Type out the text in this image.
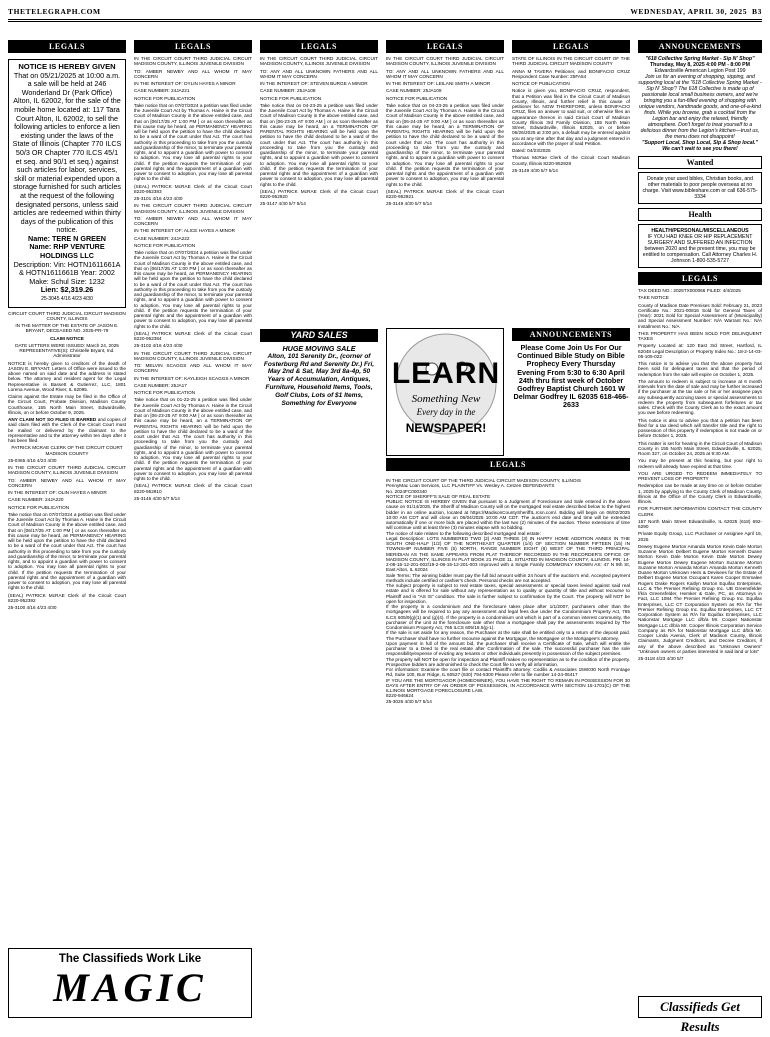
THETELEGRAPH.COM	WEDNESDAY, APRIL 30, 2025 B3
LEGALS	LEGALS	LEGALS	LEGALS	LEGALS	ANNOUNCEMENTS
NOTICE IS HEREBY GIVEN
That on 05/21/2025 at 10:00 a.m. a sale will be held at 246 Wonderland Dr (Park Office) Alton, IL 62002, for the sale of the mobile home located at: 117 Tara Court Alton, IL 62002, to sell the following articles to enforce a lien existing under the laws of the State of Illinois (Chapter 770 ILCS 50/3 OR Chapter 770 ILCS 45/1 et seq. and 90/1 et seq.) against such articles for labor, services, skill or material expended upon a storage furnished for such articles at the request of the following designated persons, unless said articles are redeemed within thirty days of the publication of this notice.
Name: TERE N GREEN
Name: RHP VENTURE HOLDINGS LLC
Description: Vin: HOTN1611661A & HOTN1611661B Year: 2002 Make: Schul Size: 1232
Lien: $2,319.26
25-3045 4/16 4/23 4/30

CIRCUIT COURT THIRD JUDICIAL CIRCUIT MADISON COUNTY, ILLINOIS

IN THE MATTER OF THE ESTATE OF JASON E. BRYANT, DECEASED NO. 2025-PR-79

CLAIM NOTICE

DATE LETTERS WERE ISSUED: March 24, 2025 REPRESENTATIVE(S): Christelle Bryant, Ind. Administrator

NOTICE is hereby given to creditors of the death of JASON E. BRYANT. Letters of Office were issued to the above named on said date and the address is stated below. The attorney and resident agent for the Legal Representative is Bassett & Gutierrez, LLC, 1801 Lorena Avenue, Wood River, IL 62095.

Claims against the Estate may be filed in the Office of the Circuit Court, Probate Division, Madison County Courthouse, 155 North Main Street, Edwardsville, Illinois, on or before October 9, 2025.

ANY CLAIM NOT SO FILED IS BARRED and copies of said claim filed with the Clerk of the Circuit Court must be mailed or delivered by the claimant to the representative and to the attorney within ten days after it has been filed.

PATRICK MCRAE CLERK OF THE CIRCUIT COURT MADISON COUNTY

25-0365 4/16 4/23 4/30

IN THE CIRCUIT COURT THIRD JUDICIAL CIRCUIT MADISON COUNTY, ILLINOIS JUVENILE DIVISION

TO: AMBER NEWBY AND ALL WHOM IT MAY CONCERN

IN THE INTEREST OF: OLIN HAYES A MINOR

CASE NUMBER: 24JA220

NOTICE FOR PUBLICATION

Take notice that on 07/07/2024 a petition was filed under the Juvenile Court Act by Thomas A. Haine in the Circuit Court of Madison County in the above entitled case, and that on [06/17/25 AT 1:00 PM ] or as soon thereafter as this cause may be heard, an PERMANENCY HEARING will be held upon the petition to have the child declared to be a ward of the court under that Act. The court has authority in this proceeding to take from you the custody and guardianship of the minor, to terminate your parental rights, and to appoint a guardian with power to consent to adoption. You may lose all parental rights to your child. If the petition requests the termination of your parental rights and the appointment of a guardian with power to consent to adoption, you may lose all parental rights to the child.

(SEAL) PATRICK McRAE Clerk of the Circuit Court 8220-952392

25-3100 4/16 4/23 4/30

IN THE CIRCUIT COURT THIRD JUDICIAL CIRCUIT MADISON COUNTY, ILLINOIS JUVENILE DIVISION

TO: AMBER NEWBY AND ALL WHOM IT MAY CONCERN

IN THE INTEREST OF: DYLIN HAYES A MINOR

CASE NUMBER: 24JA221

NOTICE FOR PUBLICATION

Take notice that on 07/07/2024 a petition was filed under the Juvenile Court Act by Thomas A. Haine in the Circuit Court of Madison County in the above entitled case, and that on [06/17/25 AT 1:00 PM ] or as soon thereafter as this cause may be heard, an PERMANENCY HEARING will be held upon the petition to have the child declared to be a ward of the court under that Act. The court has authority in this proceeding to take from you the custody and guardianship of the minor, to terminate your parental rights, and to appoint a guardian with power to consent to adoption. You may lose all parental rights to your child. If the petition requests the termination of your parental rights and the appointment of a guardian with power to consent to adoption, you may lose all parental rights to the child.

(SEAL) PATRICK McRAE Clerk of the Circuit Court 8220-952383

25-3101 4/16 4/23 4/30

IN THE CIRCUIT COURT THIRD JUDICIAL CIRCUIT MADISON COUNTY, ILLINOIS JUVENILE DIVISION

TO: AMBER NEWBY AND ALL WHOM IT MAY CONCERN

IN THE INTEREST OF: ALICE HAYES A MINOR

CASE NUMBER: 24JA222

NOTICE FOR PUBLICATION

Take notice that on 07/07/2024 a petition was filed under the Juvenile Court Act by Thomas A. Haine in the Circuit Court of Madison County in the above entitled case, and that on [06/17/25 AT 1:00 PM ] or as soon thereafter as this cause may be heard, an PERMANENCY HEARING will be held upon the petition to have the child declared to be a ward of the court under that Act. The court has authority in this proceeding to take from you the custody and guardianship of the minor, to terminate your parental rights, and to appoint a guardian with power to consent to adoption. You may lose all parental rights to your child. If the petition requests the termination of your parental rights and the appointment of a guardian with power to consent to adoption, you may lose all parental rights to the child.

(SEAL) PATRICK McRAE Clerk of the Circuit Court 8220-952384

25-3102 4/16 4/23 4/30

IN THE CIRCUIT COURT THIRD JUDICIAL CIRCUIT MADISON COUNTY, ILLINOIS JUVENILE DIVISION

TO: MELVIN SCAGGS AND ALL WHOM IT MAY CONCERN

IN THE INTEREST OF: KAYLEIGH SCAGGS A MINOR

CASE NUMBER: 25JA17

NOTICE FOR PUBLICATION

Take notice that on 01-22-25 a petition was filed under the Juvenile Court Act by Thomas A. Haine in the Circuit Court of Madison County in the above entitled case, and that on [06-23-25 AT 9:00 AM ] or as soon thereafter as this cause may be heard, an a TERMINATION OF PARENTAL RIGHTS HEARING will be held upon the petition to have the child declared to be a ward of the court under that Act. The court has authority in this proceeding to take from you the custody and guardianship of the minor, to terminate your parental rights, and to appoint a guardian with power to consent to adoption. You may lose all parental rights to your child. If the petition requests the termination of your parental rights and the appointment of a guardian with power to consent to adoption, you may lose all parental rights to the child.

(SEAL) PATRICK McRAE Clerk of the Circuit Court 8220-952910

25-3146 4/30 5/7 5/14

IN THE CIRCUIT COURT THIRD JUDICIAL CIRCUIT MADISON COUNTY, ILLINOIS JUVENILE DIVISION

TO: ANY AND ALL UNKNOWN FATHERS AND ALL WHOM IT MAY CONCERN

IN THE INTEREST OF: STEVEN BURGE A MINOR

CASE NUMBER: 25JA108

NOTICE FOR PUBLICATION

Take notice that on 04-23-25 a petition was filed under the Juvenile Court Act by Thomas A. Haine in the Circuit Court of Madison County in the above entitled case, and that on [06-23-25 AT 9:00 AM ] or as soon thereafter as this cause may be heard, an a TERMINATION OF PARENTAL RIGHTS HEARING will be held upon the petition to have the child declared to be a ward of the court under that Act. The court has authority in this proceeding to take from you the custody and guardianship of the minor, to terminate your parental rights, and to appoint a guardian with power to consent to adoption. You may lose all parental rights to your child. If the petition requests the termination of your parental rights and the appointment of a guardian with power to consent to adoption, you may lose all parental rights to the child.

(SEAL) PATRICK McRAE Clerk of the Circuit Court 8220-952920

25-3147 4/30 5/7 5/14

YARD SALES
HUGE MOVING SALE
Alton, 101 Serenity Dr., (corner of Fosterburg Rd and Serenity Dr.) Fri, May 2nd & Sat, May 3rd 8a-4p, 50 Years of Accumulation, Antiques, Furniture, Household Items, Tools, Golf Clubs, Lots of $1 Items, Something for Everyone

IN THE CIRCUIT COURT THIRD JUDICIAL CIRCUIT MADISON COUNTY, ILLINOIS JUVENILE DIVISION

TO: ANY AND ALL UNKNOWN FATHERS AND ALL WHOM IT MAY CONCERN

IN THE INTEREST OF: LEILANI SMITH A MINOR

CASE NUMBER: 25JA109

NOTICE FOR PUBLICATION

Take notice that on 04-23-25 a petition was filed under the Juvenile Court Act by Thomas A. Haine in the Circuit Court of Madison County in the above entitled case, and that on [06-24-25 AT 9:00 AM ] or as soon thereafter as this cause may be heard, an a TERMINATION OF PARENTAL RIGHTS HEARING will be held upon the petition to have the child declared to be a ward of the court under that Act. The court has authority in this proceeding to take from you the custody and guardianship of the minor, to terminate your parental rights, and to appoint a guardian with power to consent to adoption. You may lose all parental rights to your child. If the petition requests the termination of your parental rights and the appointment of a guardian with power to consent to adoption, you may lose all parental rights to the child.

(SEAL) PATRICK McRAE Clerk of the Circuit Court 8220-952921

25-3149 4/30 5/7 5/14

LEARN
Something New
Every day in the
NEWSPAPER!

STATE OF ILLINOIS IN THE CIRCUIT COURT OF THE THIRD JUDICIAL CIRCUIT MADISON COUNTY

ANNA M TAVERA Petitioner, and BONIFACIO CRUZ Respondent Case Number: 25FA54

NOTICE OF PUBLICATION

Notice is given you, BONIFACIO CRUZ, respondent, that a Petition was filed in the Circuit Court of Madison County, Illinois, and further relief in this cause of petitioner for. NOW THEREFORE, unless BONIFACIO CRUZ, files an answer to said suit, or otherwise files an appearance thereon in said Circuit Court of Madison County Illinois 3rd Family Division, 155 North Main Street, Edwardsville, Illinois 62025, on or before 06/26/2025 at 3:00 pm, a default may be entered against you at any time after that day and a judgment entered in accordance with the prayer of said Petition.

Dated: 04/23/2025

Thomas McRae Clerk of the Circuit Court Madison County, Illinois 8220-952928

25-3149 4/30 5/7 5/14

ANNOUNCEMENTS
Please Come Join Us For Our Continued Bible Study on Bible Prophecy Every Thursday Evening From 5:30 to 6:30 April 24th thru first week of October Godfrey Baptist Church 1601 W Delmar Godfrey IL 62035 618-466-2633
LEGALS

IN THE CIRCUIT COURT OF THE THIRD JUDICIAL CIRCUIT MADISON COUNTY, ILLINOIS

PennyMac Loan Services, LLC PLAINTIFF Vs. Wesley A. Cetzen DEFENDANTS

No. 2024FC000340

NOTICE OF SHERIFF'S SALE OF REAL ESTATE

PUBLIC NOTICE IS HEREBY GIVEN that pursuant to a Judgment of Foreclosure and Sale entered in the above cause on 01/14/2025, the Sheriff of Madison County will on the mortgaged real estate described below to the highest bidder in an online auction, located at https://MadisonCountySheriffIL.rcsn.com/. Bidding will begin on 06/02/2025 10:00 AM CDT and will close on 06/04/2025 10:00 AM CDT. The auction's end date and time will be extended automatically if one or more bids are placed within the last two (2) minutes of the auction. These extensions of time will continue until at least three (3) minutes elapse with no bidding.

The notice of sale relates to the following described mortgaged real estate:

Legal Description: LOTS NUMBERED TWO (2) AND THREE (3) IN HAPPY HOME ADDITION ANNEX IN THE SOUTH ONE-HALF (1/2) OF THE NORTHEAST QUARTER (1/4) OF SECTION NUMBER FIFTEEN (15) IN TOWNSHIP NUMBER FIVE (5) NORTH, RANGE NUMBER EIGHT (8) WEST OF THE THIRD PRINCIPAL MERIDIAN AS THE SAME APPEARS FROM PLAT THEREOF RECORDED IN THE RECORDER'S OFFICE OF MADISON COUNTY, ILLINOIS IN PLAT BOOK 21 PAGE 11. SITUATED IN MADISON COUNTY, ILLINOIS. PIN: 14-2-08-15-12-201-002/19-2-08-15-12-201-003 Improved with a Single Family COMMONLY KNOWN AS: 47 N 9th St, East Alton, IL 62024

Sale Terms: The winning bidder must pay the full bid amount within 24 hours of the auction's end. Accepted payment methods include certified or cashier's check. Personal checks are not accepted.

The subject property is subject to real estate taxes, special assessments or special taxes levied against said real estate and is offered for sale without any representation as to quality or quantity of title and without recourse to Plaintiff and in "AS IS" condition. The sale is further subject to confirmation by the Court. The property will NOT be open for inspection.

If the property is a condominium and the foreclosure takes place after 1/1/2007, purchasers other than the mortgagees will be required to pay any assessment and legal fees due under the Condominium Property Act, 765 ILCS 605/9(g)(1) and (g)(4). If the property is a condominium unit which is part of a common interest community, the purchaser of the unit at the foreclosure sale other than a mortgagee shall pay the assessments required by The Condominium Property Act, 765 ILCS 605/18.5(g-1).

If the sale is set aside for any reason, the Purchaser at the sale shall be entitled only to a return of the deposit paid. The Purchaser shall have no further recourse against the Mortgagor, the Mortgagee or the Mortgagee's attorney.

Upon payment in full of the amount bid, the purchaser shall receive a Certificate of Sale, which will entitle the purchaser to a Deed to the real estate after Confirmation of the sale. The successful purchaser has the sole responsibility/expense of evicting any tenants or other individuals presently in possession of the subject premises.

The property will NOT be open for inspection and Plaintiff makes no representation as to the condition of the property. Prospective bidders are admonished to check the Court file to verify all information.

For information: Examine the court file or contact Plaintiff's attorney: Codilis & Associates 15W030 North Frontage Rd, Suite 100, Burr Ridge, IL 60527 (630) 794-5300 Please refer to file number 14-24-06417

IF YOU ARE THE MORTGAGOR (HOMEOWNER), YOU HAVE THE RIGHT TO REMAIN IN POSSESSION FOR 30 DAYS AFTER ENTRY OF AN ORDER OF POSSESSION, IN ACCORDANCE WITH SECTION 15-1701(C) OF THE ILLINOIS MORTGAGE FORECLOSURE LAW.

8220-946624

25-3026 4/30 5/7 5/14

"618 Collective Spring Market - Sip N' Shop"
Thursday, May 8, 2025 4:00 PM - 8:00 PM
Edwardsville American Legion Post 199
Join us for an evening of shopping, sipping, and supporting local at the "618 Collective Spring Market - Sip N' Shop"! The 618 Collective is made up of passionate local small business owners, and we're bringing you a fun-filled evening of shopping with unique vendors, handmade goods, and one-of-a-kind finds. While you browse, grab a cocktail from the Legion bar and enjoy the relaxed, friendly atmosphere. Don't forget to treat yourself to a delicious dinner from the Legion's kitchen—trust us, the menu does not disappoint!
"Support Local, Shop Local, Sip & Shop local." We can't wait to see you there!
Wanted
Donate your used bibles, Christian books, and other materials to poor people overseas at no charge. Visit www.bibleshare.com or call 636-575-3334
Health
HEALTH/PERSONAL/MISCELLANEOUS
IF YOU HAD KNEE OR HIP REPLACEMENT SURGERY AND SUFFERED AN INFECTION between 2020 and the present time, you may be entitled to compensation. Call Attorney Charles H. Johnson 1-800-535-5727
LEGALS

TAX DEED NO.: 2025TX000066 FILED: 4/4/2025

TAKE NOTICE

County of Madison Date Premises Sold: February 21, 2023 Certificate No.: 2021-00816 Sold for General Taxes of (Year): 2021 Sold for Special Assessment of (Municipality) and Special Assessment Number: N/A Warrant No.: N/A Installment No.: N/A

THIS PROPERTY HAS BEEN SOLD FOR DELINQUENT TAXES

Property Located at: 120 East 3rd Street, Hartford, IL 62048 Legal Description or Property Index No.: 18-2-14-03-05-105-022

This notice is to advise you that the above property has been sold for delinquent taxes and that the period of redemption from the sale will expire on October 1, 2025.

The amount to redeem is subject to increase at 6 month intervals from the date of sale and may be further increased if the purchaser at the tax sale or his or her assignee pays any subsequently accruing taxes or special assessments to redeem the property from subsequent forfeitures or tax sales. Check with the County Clerk as to the exact amount you owe before redeeming.

This notice is also to advise you that a petition has been filed for a tax deed which will transfer title and the right to possession of this property if redemption is not made on or before October 1, 2025.

This matter is set for hearing in the Circuit Court of Madison County in 155 North Main Street, Edwardsville, IL 62025, Room 327, on October 24, 2025 at 9:30 AM.

You may be present at this hearing, but your right to redeem will already have expired at that time.

YOU ARE URGED TO REDEEM IMMEDIATELY TO PREVENT LOSS OF PROPERTY

Redemption can be made at any time on or before October 1, 2025 by applying to the County Clerk of Madison County, Illinois at the Office of the County Clerk in Edwardsville, Illinois.

FOR FURTHER INFORMATION CONTACT THE COUNTY CLERK

157 North Main Street Edwardsville, IL 62025 (618) 692-6290

Private Equity Group, LLC Purchaser or Assignee April 15, 2025

Dewey Eugene Morton Amanda Morton Kevin Dale Morton Suzanne Morton Delbert Eugene Morton Kenneth Duane Morton Kevin Dale Morton Kevin Dale Morton Dewey Eugene Morton Dewey Eugene Morton Suzanne Morton Suzanne Morton Amanda Morton Amanda Morton Kenneth Duane Morton Unknown Heirs & Devisees for the Estate of Delbert Eugene Morton Occupant Karen Cooper Emmalee Rogers Drake Rogers Kaitlyn Morton Equifax Enterprises, LLC & The Premier Refining Group Inc. UB Greensfelder f/k/a Greensfelder, Hemker & Gale, PC, as Attorneys in Fact, LLC 1084 The Premier Refining Group Inc. Equifax Enterprises, LLC CT Corporation System as R/A for The Premier Refining Group Inc. Equifax Enterprises, LLC CT Corporation System as R/A for Equifax Enterprises, LLC Nationstar Mortgage LLC d/b/a Mr. Cooper Nationstar Mortgage LLC d/b/a Mr. Cooper Illinois Corporation Service Company as R/A for Nationstar Mortgage LLC d/b/a Mr. Cooper Linda Avenia, Clerk of Madison County, Illinois Claimants, Judgment Creditors, and Decree Creditors, if any of the above described as "Unknown Owners" "Unknown owners or parties interested in said land or lots"

25-3118 4/23 4/30 5/7

The Classifieds Work Like
MAGIC	Classifieds Get Results
